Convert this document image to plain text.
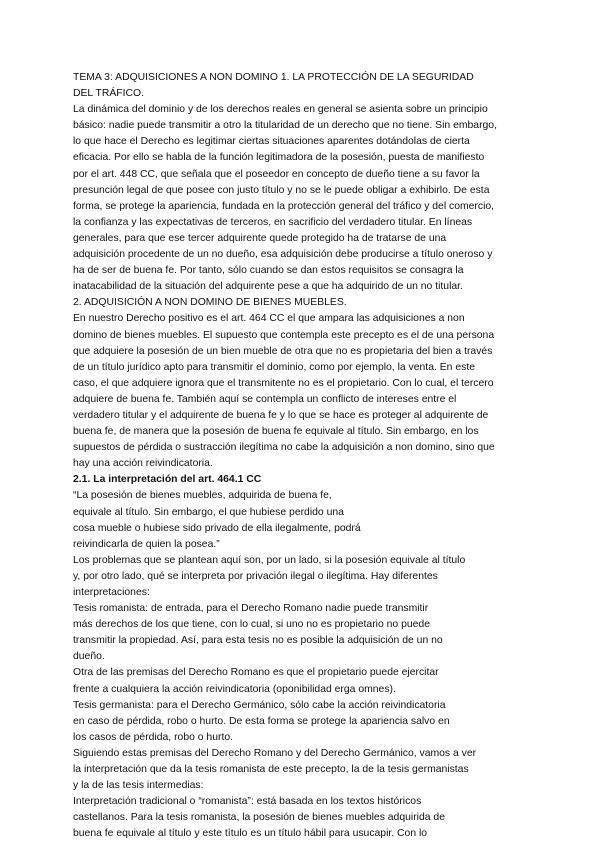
TEMA 3: ADQUISICIONES A NON DOMINO 1. LA PROTECCIÓN DE LA SEGURIDAD
DEL TRÁFICO.
La dinámica del dominio y de los derechos reales en general se asienta sobre un principio
básico: nadie puede transmitir a otro la titularidad de un derecho que no tiene. Sin embargo,
lo que hace el Derecho es legitimar ciertas situaciones aparentes dotándolas de cierta
eficacia. Por ello se habla de la función legitimadora de la posesión, puesta de manifiesto
por el art. 448 CC, que señala que el poseedor en concepto de dueño tiene a su favor la
presunción legal de que posee con justo título y no se le puede obligar a exhibirlo. De esta
forma, se protege la apariencia, fundada en la protección general del tráfico y del comercio,
la confianza y las expectativas de terceros, en sacrificio del verdadero titular. En líneas
generales, para que ese tercer adquirente quede protegido ha de tratarse de una
adquisición procedente de un no dueño, esa adquisición debe producirse a título oneroso y
ha de ser de buena fe. Por tanto, sólo cuando se dan estos requisitos se consagra la
inatacabilidad de la situación del adquirente pese a que ha adquirido de un no titular.
2. ADQUISICIÓN A NON DOMINO DE BIENES MUEBLES.
En nuestro Derecho positivo es el art. 464 CC el que ampara las adquisiciones a non
domino de bienes muebles. El supuesto que contempla este precepto es el de una persona
que adquiere la posesión de un bien mueble de otra que no es propietaria del bien a través
de un título jurídico apto para transmitir el dominio, como por ejemplo, la venta. En este
caso, el que adquiere ignora que el transmitente no es el propietario. Con lo cual, el tercero
adquiere de buena fe. También aquí se contempla un conflicto de intereses entre el
verdadero titular y el adquirente de buena fe y lo que se hace es proteger al adquirente de
buena fe, de manera que la posesión de buena fe equivale al título. Sin embargo, en los
supuestos de pérdida o sustracción ilegítima no cabe la adquisición a non domino, sino que
hay una acción reivindicatoria.
2.1. La interpretación del art. 464.1 CC
“La posesión de bienes muebles, adquirida de buena fe,
equivale al título. Sin embargo, el que hubiese perdido una
cosa mueble o hubiese sido privado de ella ilegalmente, podrá
reivindicarla de quien la posea.”
Los problemas que se plantean aquí son, por un lado, si la posesión equivale al título
y, por otro lado, qué se interpreta por privación ilegal o ilegítima. Hay diferentes
interpretaciones:
Tesis romanista: de entrada, para el Derecho Romano nadie puede transmitir
más derechos de los que tiene, con lo cual, si uno no es propietario no puede
transmitir la propiedad. Así, para esta tesis no es posible la adquisición de un no
dueño.
Otra de las premisas del Derecho Romano es que el propietario puede ejercitar
frente a cualquiera la acción reivindicatoria (oponibilidad erga omnes).
Tesis germanista: para el Derecho Germánico, sólo cabe la acción reivindicatoria
en caso de pérdida, robo o hurto. De esta forma se protege la apariencia salvo en
los casos de pérdida, robo o hurto.
Siguiendo estas premisas del Derecho Romano y del Derecho Germánico, vamos a ver
la interpretación que da la tesis romanista de este precepto, la de la tesis germanistas
y la de las tesis intermedias:
Interpretación tradicional o “romanista”: está basada en los textos históricos
castellanos. Para la tesis romanista, la posesión de bienes muebles adquirida de
buena fe equivale al título y este título es un título hábil para usucapir. Con lo
